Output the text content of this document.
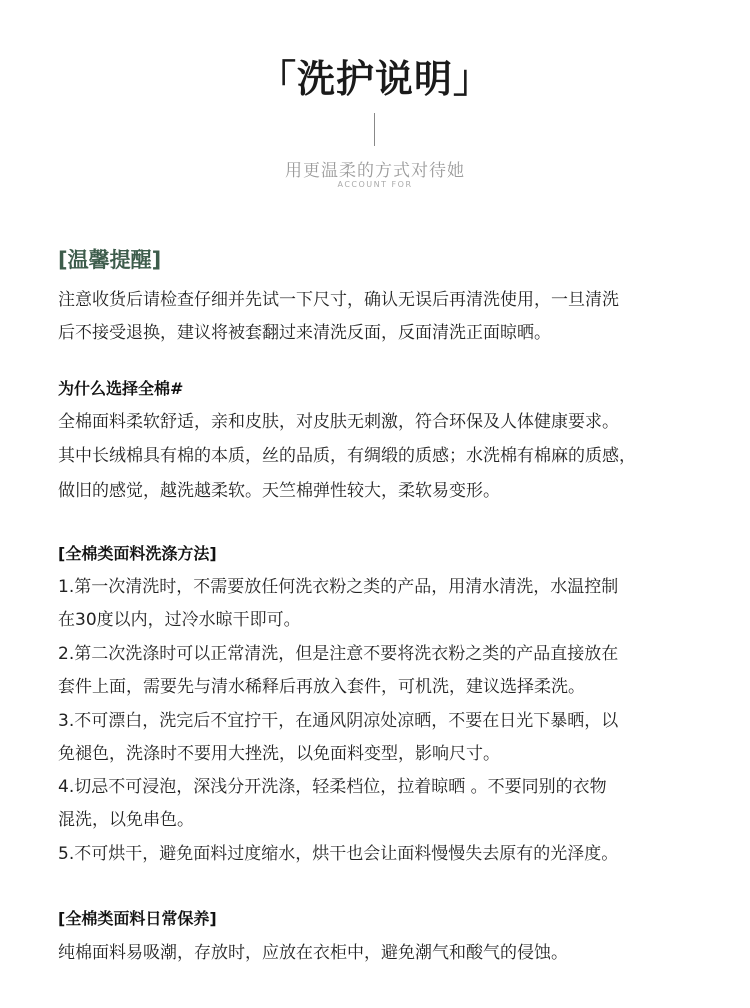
「洗护说明」
用更温柔的方式对待她
ACCOUNT FOR
[温馨提醒]
注意收货后请检查仔细并先试一下尺寸，确认无误后再清洗使用，一旦清洗
后不接受退换，建议将被套翻过来清洗反面，反面清洗正面晾晒。
为什么选择全棉#
全棉面料柔软舒适，亲和皮肤，对皮肤无刺激，符合环保及人体健康要求。
其中长绒棉具有棉的本质，丝的品质，有绸缎的质感；水洗棉有棉麻的质感，
做旧的感觉，越洗越柔软。天竺棉弹性较大，柔软易变形。
[全棉类面料洗涤方法]
1.第一次清洗时，不需要放任何洗衣粉之类的产品，用清水清洗，水温控制
在30度以内，过冷水晾干即可。
2.第二次洗涤时可以正常清洗，但是注意不要将洗衣粉之类的产品直接放在
套件上面，需要先与清水稀释后再放入套件，可机洗，建议选择柔洗。
3.不可漂白，洗完后不宜拧干，在通风阴凉处凉晒，不要在日光下暴晒，以
免褪色，洗涤时不要用大挫洗，以免面料变型，影响尺寸。
4.切忌不可浸泡，深浅分开洗涤，轻柔档位，拉着晾晒 。不要同别的衣物
混洗，以免串色。
5.不可烘干，避免面料过度缩水，烘干也会让面料慢慢失去原有的光泽度。
[全棉类面料日常保养]
纯棉面料易吸潮，存放时，应放在衣柜中，避免潮气和酸气的侵蚀。
